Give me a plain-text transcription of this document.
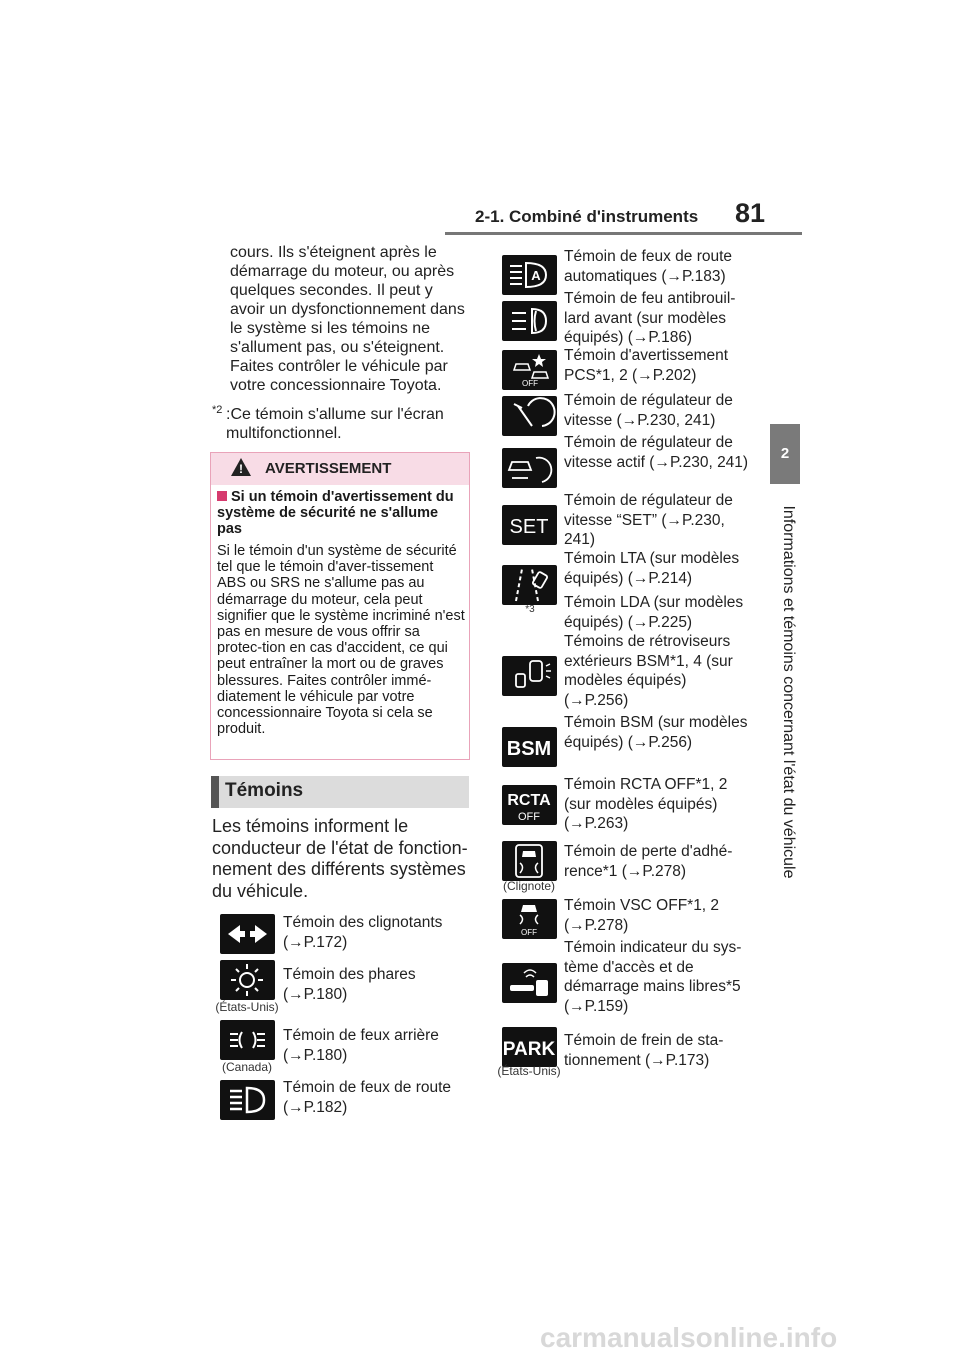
2-1. Combiné d'instruments 81
2
Informations et témoins concernant l'état du véhicule
cours. Ils s'éteignent après le démarrage du moteur, ou après quelques secondes. Il peut y avoir un dysfonctionnement dans le système si les témoins ne s'allument pas, ou s'éteignent. Faites contrôler le véhicule par votre concessionnaire Toyota.
*2 :Ce témoin s'allume sur l'écran multifonctionnel.
!
AVERTISSEMENT
Si un témoin d'avertissement du système de sécurité ne s'allume pas
Si le témoin d'un système de sécurité tel que le témoin d'aver-tissement ABS ou SRS ne s'allume pas au démarrage du moteur, cela peut signifier que le système incriminé n'est pas en mesure de vous offrir sa protec-tion en cas d'accident, ce qui peut entraîner la mort ou de graves blessures. Faites contrôler immé-diatement le véhicule par votre concessionnaire Toyota si cela se produit.
Témoins
Les témoins informent le conducteur de l'état de fonction-nement des différents systèmes du véhicule.
Témoin des clignotants (→P.172)
(États-Unis)
Témoin des phares (→P.180)
(Canada)
Témoin de feux arrière (→P.180)
Témoin de feux de route (→P.182)
A
Témoin de feux de route automatiques (→P.183)
Témoin de feu antibrouil-lard avant (sur modèles équipés) (→P.186)
OFF
Témoin d'avertissement PCS*1, 2 (→P.202)
Témoin de régulateur de vitesse (→P.230, 241)
Témoin de régulateur de vitesse actif (→P.230, 241)
SET
Témoin de régulateur de vitesse “SET” (→P.230, 241)
*3
Témoin LTA (sur modèles équipés) (→P.214)
Témoin LDA (sur modèles équipés) (→P.225)
Témoins de rétroviseurs extérieurs BSM*1, 4 (sur modèles équipés) (→P.256)
BSM
Témoin BSM (sur modèles équipés) (→P.256)
RCTA
OFF
Témoin RCTA OFF*1, 2 (sur modèles équipés) (→P.263)
(Clignote)
Témoin de perte d'adhé-rence*1 (→P.278)
OFF
Témoin VSC OFF*1, 2 (→P.278)
Témoin indicateur du sys-tème d'accès et de démarrage mains libres*5 (→P.159)
PARK
(États-Unis)
Témoin de frein de sta-tionnement (→P.173)
carmanualsonline.info
